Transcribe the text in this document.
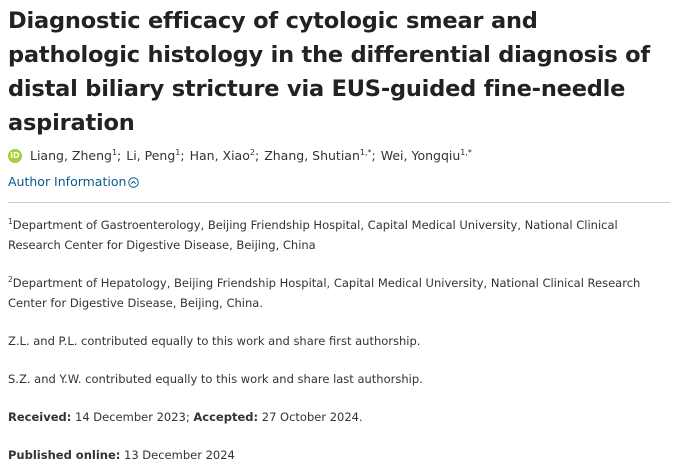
Diagnostic efficacy of cytologic smear and pathologic histology in the differential diagnosis of distal biliary stricture via EUS-guided fine-needle aspiration
iD Liang, Zheng$^1$ ; Li, Peng$^1$ ; Han, Xiao$^2$ ; Zhang, Shutian$^{1,*}$ ; Wei, Yongqiu$^{1,*}$
Author Information
$^1$Department of Gastroenterology, Beijing Friendship Hospital, Capital Medical University, National Clinical Research Center for Digestive Disease, Beijing, China
$^2$Department of Hepatology, Beijing Friendship Hospital, Capital Medical University, National Clinical Research Center for Digestive Disease, Beijing, China.
Z.L. and P.L. contributed equally to this work and share first authorship.
S.Z. and Y.W. contributed equally to this work and share last authorship.
Received: 14 December 2023; Accepted: 27 October 2024.
Published online: 13 December 2024
